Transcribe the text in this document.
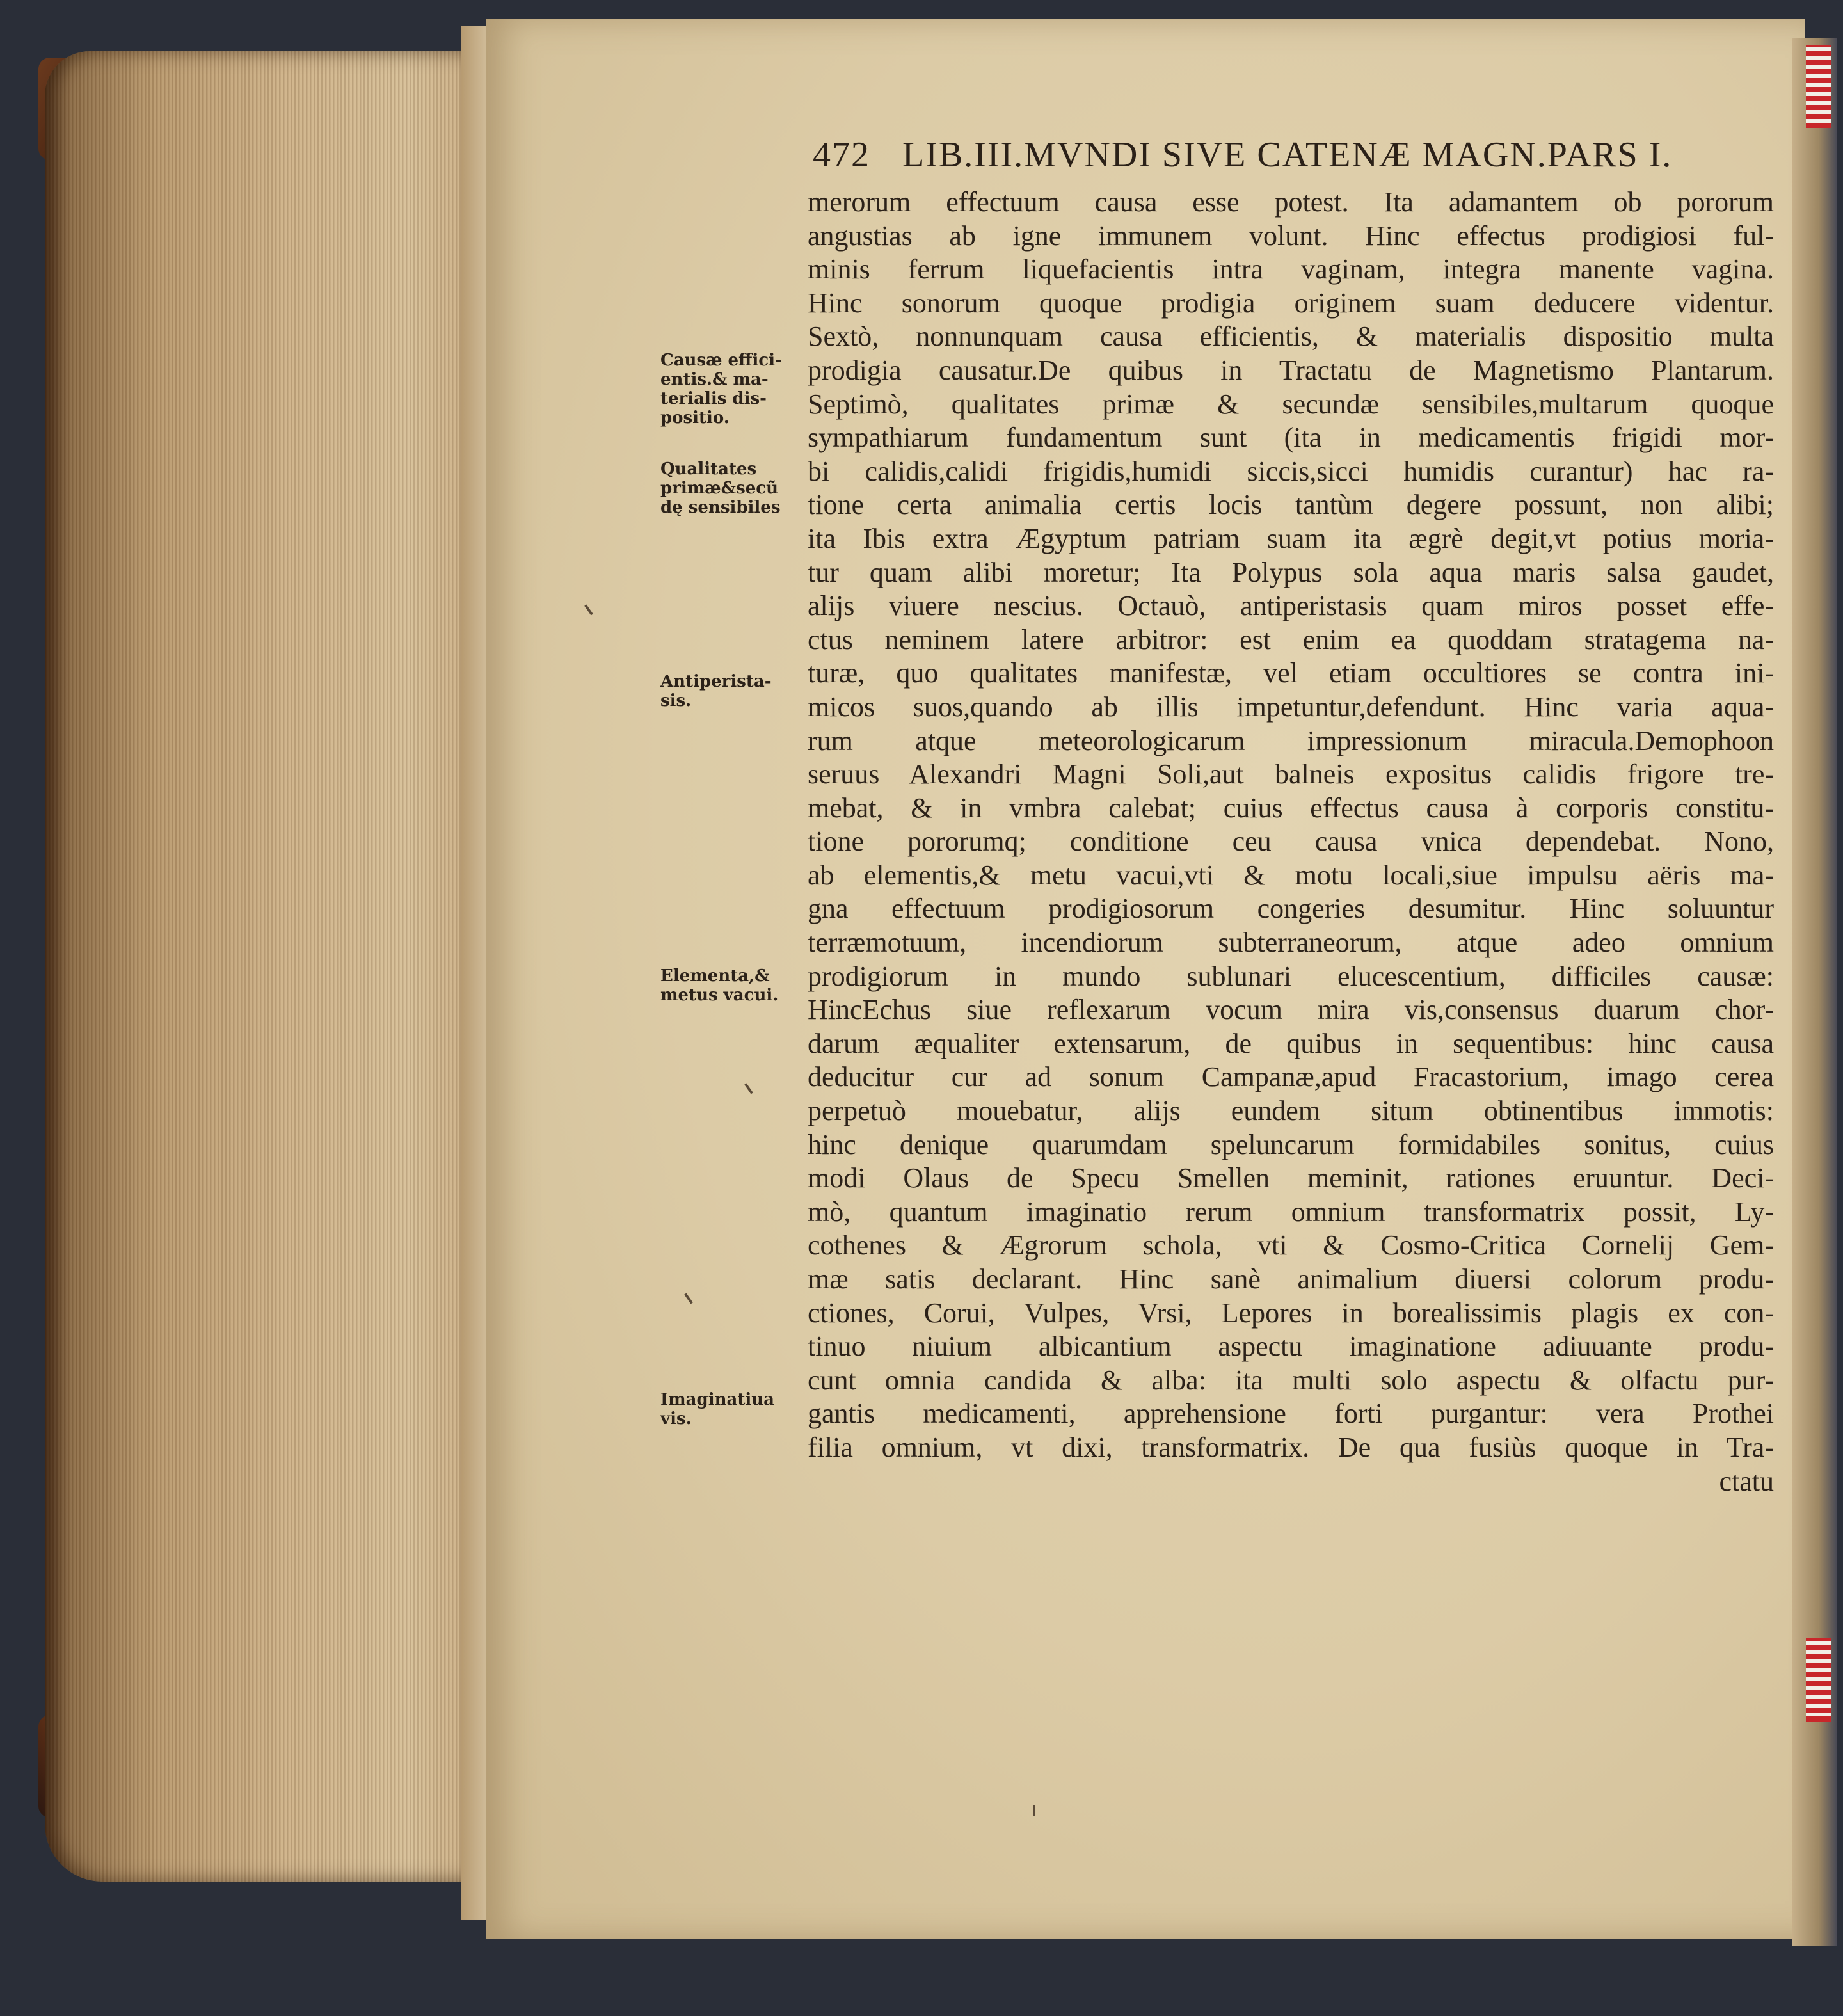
472 LIB.III.MVNDI SIVE CATENÆ MAGN.PARS I.
merorum effectuum causa esse potest. Ita adamantem ob pororum
angustias ab igne immunem volunt. Hinc effectus prodigiosi ful-
minis ferrum liquefacientis intra vaginam, integra manente vagina.
Hinc sonorum quoque prodigia originem suam deducere videntur.
Sextò, nonnunquam causa efficientis, & materialis dispositio multa
prodigia causatur.De quibus in Tractatu de Magnetismo Plantarum.
Septimò, qualitates primæ & secundæ sensibiles,multarum quoque
sympathiarum fundamentum sunt (ita in medicamentis frigidi mor-
bi calidis,calidi frigidis,humidi siccis,sicci humidis curantur) hac ra-
tione certa animalia certis locis tantùm degere possunt, non alibi;
ita Ibis extra Ægyptum patriam suam ita ægrè degit,vt potius moria-
tur quam alibi moretur; Ita Polypus sola aqua maris salsa gaudet,
alijs viuere nescius. Octauò, antiperistasis quam miros posset effe-
ctus neminem latere arbitror: est enim ea quoddam stratagema na-
turæ, quo qualitates manifestæ, vel etiam occultiores se contra ini-
micos suos,quando ab illis impetuntur,defendunt. Hinc varia aqua-
rum atque meteorologicarum impressionum miracula.Demophoon
seruus Alexandri Magni Soli,aut balneis expositus calidis frigore tre-
mebat, & in vmbra calebat; cuius effectus causa à corporis constitu-
tione pororumq; conditione ceu causa vnica dependebat. Nono,
ab elementis,& metu vacui,vti & motu locali,siue impulsu aëris ma-
gna effectuum prodigiosorum congeries desumitur. Hinc soluuntur
terræmotuum, incendiorum subterraneorum, atque adeo omnium
prodigiorum in mundo sublunari elucescentium, difficiles causæ:
HincEchus siue reflexarum vocum mira vis,consensus duarum chor-
darum æqualiter extensarum, de quibus in sequentibus: hinc causa
deducitur cur ad sonum Campanæ,apud Fracastorium, imago cerea
perpetuò mouebatur, alijs eundem situm obtinentibus immotis:
hinc denique quarumdam speluncarum formidabiles sonitus, cuius
modi Olaus de Specu Smellen meminit, rationes eruuntur. Deci-
mò, quantum imaginatio rerum omnium transformatrix possit, Ly-
cothenes & Ægrorum schola, vti & Cosmo-Critica Cornelij Gem-
mæ satis declarant. Hinc sanè animalium diuersi colorum produ-
ctiones, Corui, Vulpes, Vrsi, Lepores in borealissimis plagis ex con-
tinuo niuium albicantium aspectu imaginatione adiuuante produ-
cunt omnia candida & alba: ita multi solo aspectu & olfactu pur-
gantis medicamenti, apprehensione forti purgantur: vera Prothei
filia omnium, vt dixi, transformatrix. De qua fusiùs quoque in Tra-
ctatu
Causæ effici-
entis.& ma-
terialis dis-
positio.
Qualitates
primæ&secũ
dę sensibiles
Antiperista-
sis.
Elementa,&
metus vacui.
Imaginatiua
vis.
